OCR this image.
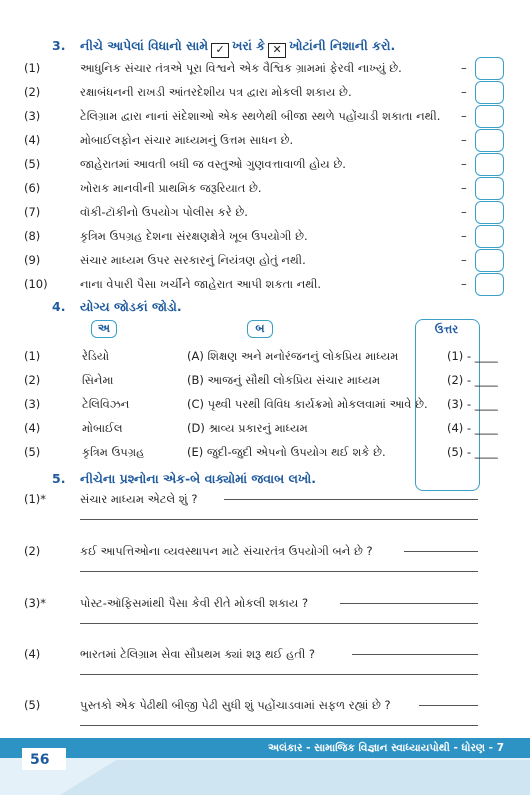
3. નીચે આપેલાં વિધાનો સામે ✓ ખરાં કે ✕ ખોટાંની નિશાની કરો.
(1)	આધુનિક સંચાર તંત્રએ પૂરા વિશ્વને એક વૈશ્વિક ગ્રામમાં ફેરવી નાખ્યું છે.	–
(2)	રક્ષાબંધનની રાખડી આંતરદેશીય પત્ર દ્વારા મોકલી શકાય છે.	–
(3)	ટેલિગ્રામ દ્વારા નાનાં સંદેશાઓ એક સ્થળેથી બીજા સ્થળે પહોંચાડી શકાતા નથી. –
(4)	મોબાઈલફોન સંચાર માધ્યમનું ઉત્તમ સાધન છે.	–
(5)	જાહેરાતમાં આવતી બધી જ વસ્તુઓ ગુણવત્તાવાળી હોય છે.	–
(6)	ખોરાક માનવીની પ્રાથમિક જરૂરિયાત છે.	–
(7)	વૉકી-ટૉકીનો ઉપયોગ પોલીસ કરે છે.	–
(8)	કૃત્રિમ ઉપગ્રહ દેશના સંરક્ષણક્ષેત્રે ખૂબ ઉપયોગી છે.	–
(9)	સંચાર માધ્યમ ઉપર સરકારનું નિયંત્રણ હોતું નથી.	–
(10)	નાના વેપારી પૈસા ખર્ચીને જાહેરાત આપી શકતા નથી.	–
4. યોગ્ય જોડકાં જોડો.
અ	બ	ઉત્તર
(1)	રેડિયો	(A) શિક્ષણ અને મનોરંજનનું લોકપ્રિય માધ્યમ	(1) - ____
(2)	સિનેમા	(B) આજનું સૌથી લોકપ્રિય સંચાર માધ્યમ	(2) - ____
(3)	ટેલિવિઝન	(C) પૃથ્વી પરથી વિવિધ કાર્યક્રમો મોકલવામાં આવે છે. (3) - ____
(4)	મોબાઈલ	(D) શ્રાવ્ય પ્રકારનું માધ્યમ	(4) - ____
(5)	કૃત્રિમ ઉપગ્રહ	(E) જુદી-જુદી એપનો ઉપયોગ થઈ શકે છે.	(5) - ____
5. નીચેના પ્રશ્નોના એક-બે વાક્યોમાં જવાબ લખો.
(1)*	સંચાર માધ્યમ એટલે શું ?
(2)	કઈ આપત્તિઓના વ્યવસ્થાપન માટે સંચારતંત્ર ઉપયોગી બને છે ?
(3)*	પોસ્ટ-ઑફિસમાંથી પૈસા કેવી રીતે મોકલી શકાય ?
(4)	ભારતમાં ટેલિગ્રામ સેવા સૌપ્રથમ ક્યાં શરૂ થઈ હતી ?
(5)	પુસ્તકો એક પેઢીથી બીજી પેઢી સુધી શું પહોંચાડવામાં સફળ રહ્યાં છે ?
અલંકાર - સામાજિક વિજ્ઞાન સ્વાધ્યાયપોથી - ધોરણ - 7
56
